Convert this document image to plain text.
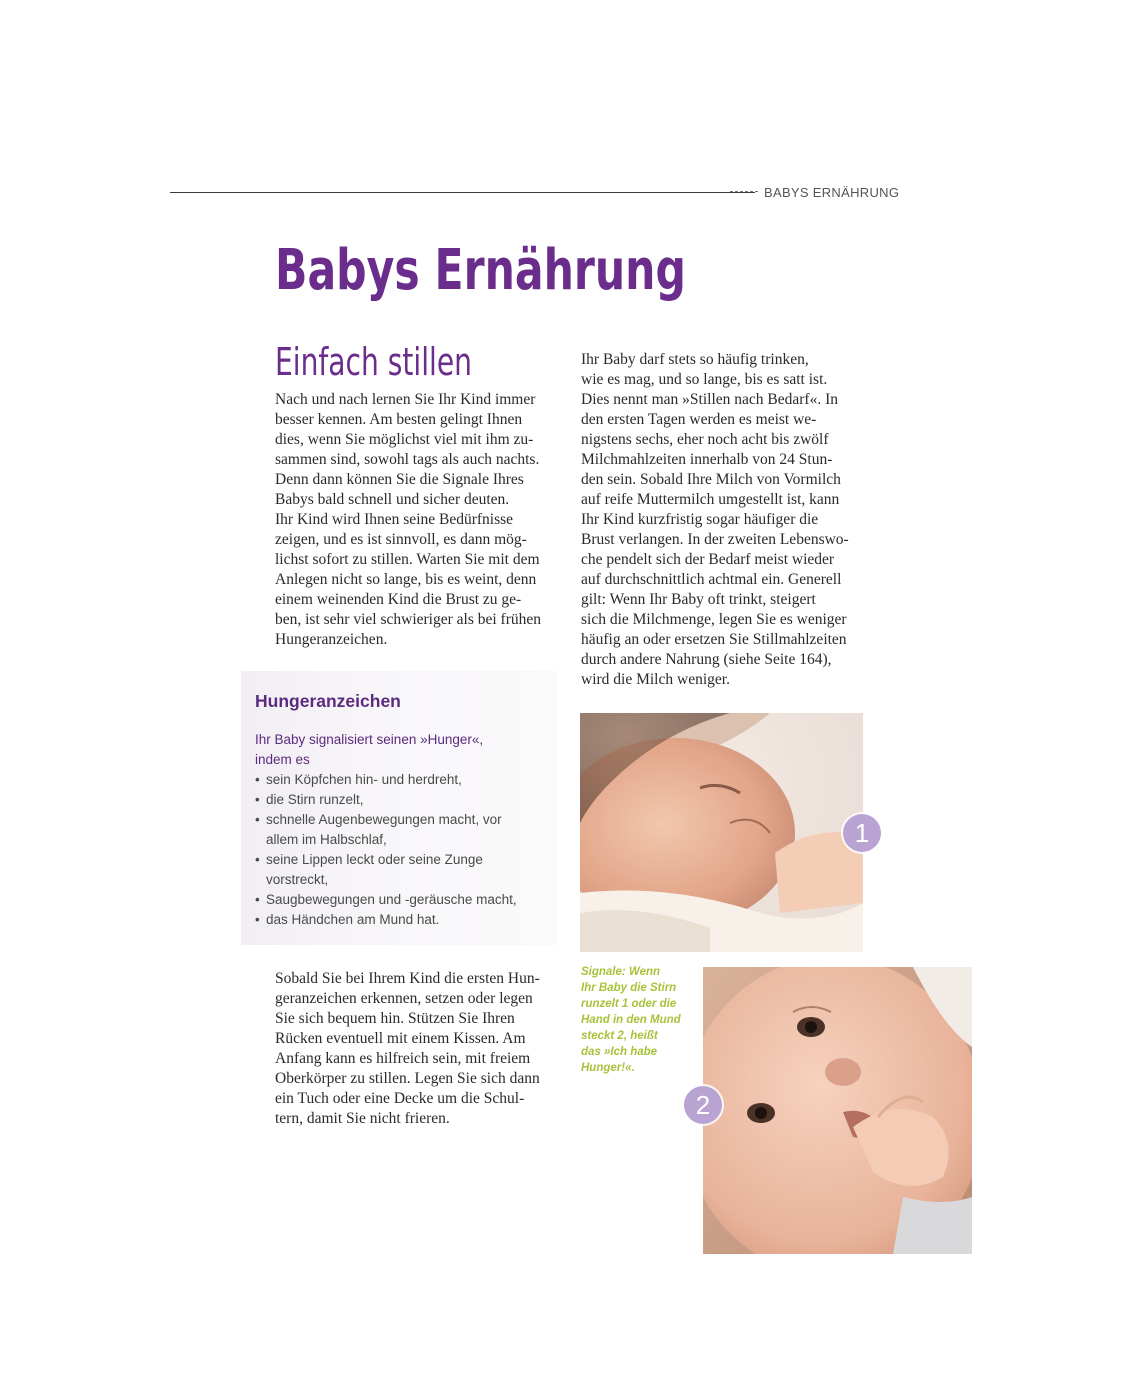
BABYS ERNÄHRUNG
Babys Ernährung
Einfach stillen
Nach und nach lernen Sie Ihr Kind immer
besser kennen. Am besten gelingt Ihnen
dies, wenn Sie möglichst viel mit ihm zu-
sammen sind, sowohl tags als auch nachts.
Denn dann können Sie die Signale Ihres
Babys bald schnell und sicher deuten.
Ihr Kind wird Ihnen seine Bedürfnisse
zeigen, und es ist sinnvoll, es dann mög-
lichst sofort zu stillen. Warten Sie mit dem
Anlegen nicht so lange, bis es weint, denn
einem weinenden Kind die Brust zu ge-
ben, ist sehr viel schwieriger als bei frühen
Hungeranzeichen.
Ihr Baby darf stets so häufig trinken,
wie es mag, und so lange, bis es satt ist.
Dies nennt man »Stillen nach Bedarf«. In
den ersten Tagen werden es meist we-
nigstens sechs, eher noch acht bis zwölf
Milchmahlzeiten innerhalb von 24 Stun-
den sein. Sobald Ihre Milch von Vormilch
auf reife Muttermilch umgestellt ist, kann
Ihr Kind kurzfristig sogar häufiger die
Brust verlangen. In der zweiten Lebenswo-
che pendelt sich der Bedarf meist wieder
auf durchschnittlich achtmal ein. Generell
gilt: Wenn Ihr Baby oft trinkt, steigert
sich die Milchmenge, legen Sie es weniger
häufig an oder ersetzen Sie Stillmahlzeiten
durch andere Nahrung (siehe Seite 164),
wird die Milch weniger.
Hungeranzeichen
Ihr Baby signalisiert seinen »Hunger«,
indem es
• sein Köpfchen hin- und herdreht,
• die Stirn runzelt,
• schnelle Augenbewegungen macht, vor
allem im Halbschlaf,
• seine Lippen leckt oder seine Zunge
vorstreckt,
• Saugbewegungen und -geräusche macht,
• das Händchen am Mund hat.
Sobald Sie bei Ihrem Kind die ersten Hun-
geranzeichen erkennen, setzen oder legen
Sie sich bequem hin. Stützen Sie Ihren
Rücken eventuell mit einem Kissen. Am
Anfang kann es hilfreich sein, mit freiem
Oberkörper zu stillen. Legen Sie sich dann
ein Tuch oder eine Decke um die Schul-
tern, damit Sie nicht frieren.
1
Signale: Wenn
Ihr Baby die Stirn
runzelt 1 oder die
Hand in den Mund
steckt 2, heißt
das »Ich habe
Hunger!«.
2
